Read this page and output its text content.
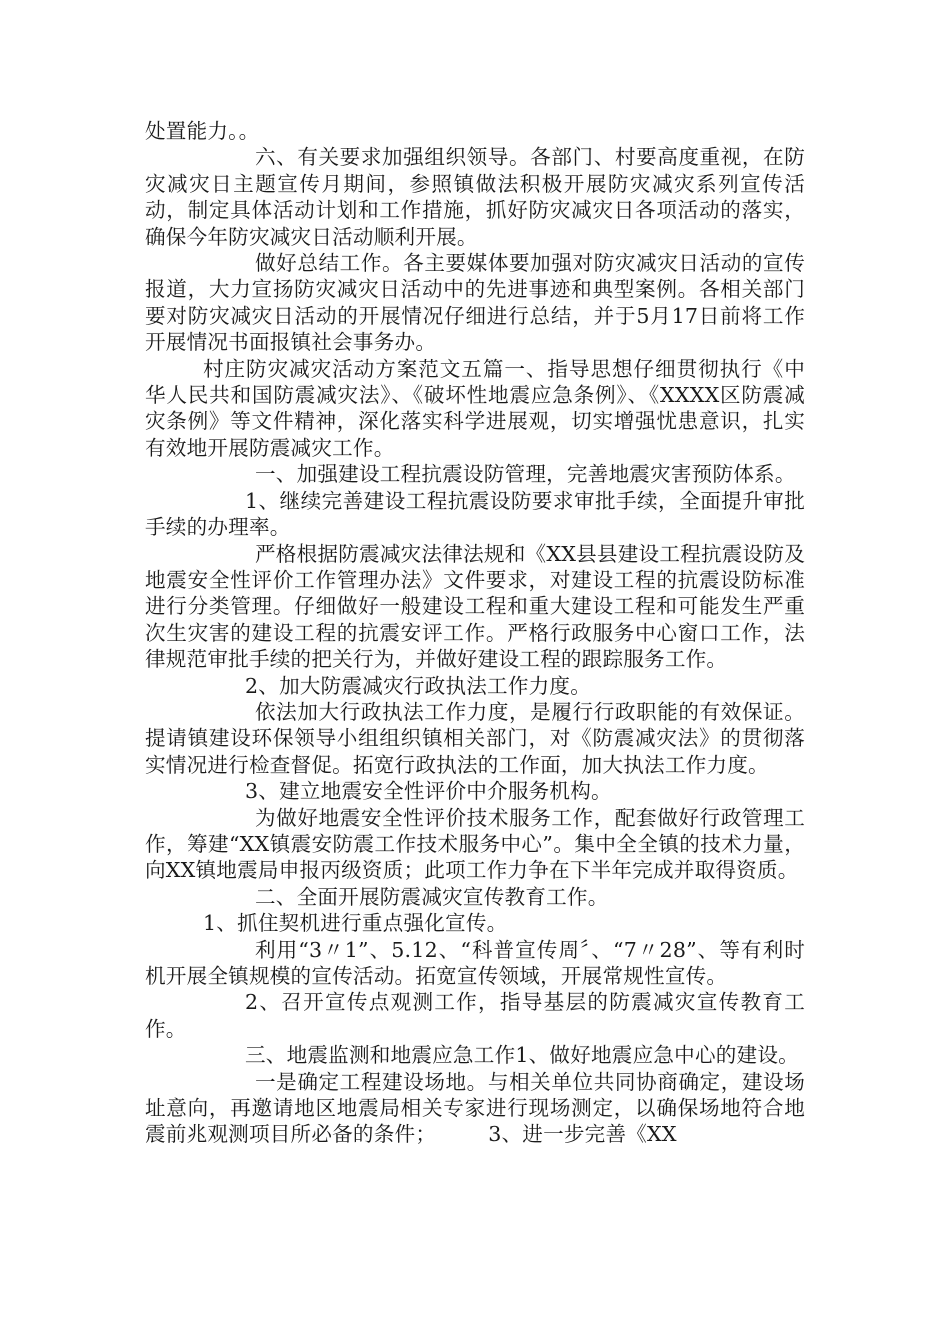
处置能力。。

六、有关要求加强组织领导。各部门、村要高度重视，在防灾减灾日主题宣传月期间，参照镇做法积极开展防灾减灾系列宣传活动，制定具体活动计划和工作措施，抓好防灾减灾日各项活动的落实，确保今年防灾减灾日活动顺利开展。

做好总结工作。各主要媒体要加强对防灾减灾日活动的宣传报道，大力宣扬防灾减灾日活动中的先进事迹和典型案例。各相关部门要对防灾减灾日活动的开展情况仔细进行总结，并于5月17日前将工作开展情况书面报镇社会事务办。

村庄防灾减灾活动方案范文五篇一、指导思想仔细贯彻执行《中华人民共和国防震减灾法》、《破坏性地震应急条例》、《XXXX区防震减灾条例》等文件精神，深化落实科学进展观，切实增强忧患意识，扎实有效地开展防震减灾工作。

一、加强建设工程抗震设防管理，完善地震灾害预防体系。

1、继续完善建设工程抗震设防要求审批手续，全面提升审批手续的办理率。

严格根据防震减灾法律法规和《XX县县建设工程抗震设防及地震安全性评价工作管理办法》文件要求，对建设工程的抗震设防标准进行分类管理。仔细做好一般建设工程和重大建设工程和可能发生严重次生灾害的建设工程的抗震安评工作。严格行政服务中心窗口工作，法律规范审批手续的把关行为，并做好建设工程的跟踪服务工作。

2、加大防震减灾行政执法工作力度。

依法加大行政执法工作力度，是履行行政职能的有效保证。提请镇建设环保领导小组组织镇相关部门，对《防震减灾法》的贯彻落实情况进行检查督促。拓宽行政执法的工作面，加大执法工作力度。

3、建立地震安全性评价中介服务机构。

为做好地震安全性评价技术服务工作，配套做好行政管理工作，筹建“XX镇震安防震工作技术服务中心”。集中全全镇的技术力量，向XX镇地震局申报丙级资质；此项工作力争在下半年完成并取得资质。

二、全面开展防震减灾宣传教育工作。

1、抓住契机进行重点强化宣传。

利用“3〃1”、5.12、“科普宣传周〞、“7〃28”、等有利时机开展全镇规模的宣传活动。拓宽宣传领域，开展常规性宣传。

2、召开宣传点观测工作，指导基层的防震减灾宣传教育工作。

三、地震监测和地震应急工作1、做好地震应急中心的建设。

一是确定工程建设场地。与相关单位共同协商确定，建设场址意向，再邀请地区地震局相关专家进行现场测定，以确保场地符合地震前兆观测项目所必备的条件；　　　3、进一步完善《XX
